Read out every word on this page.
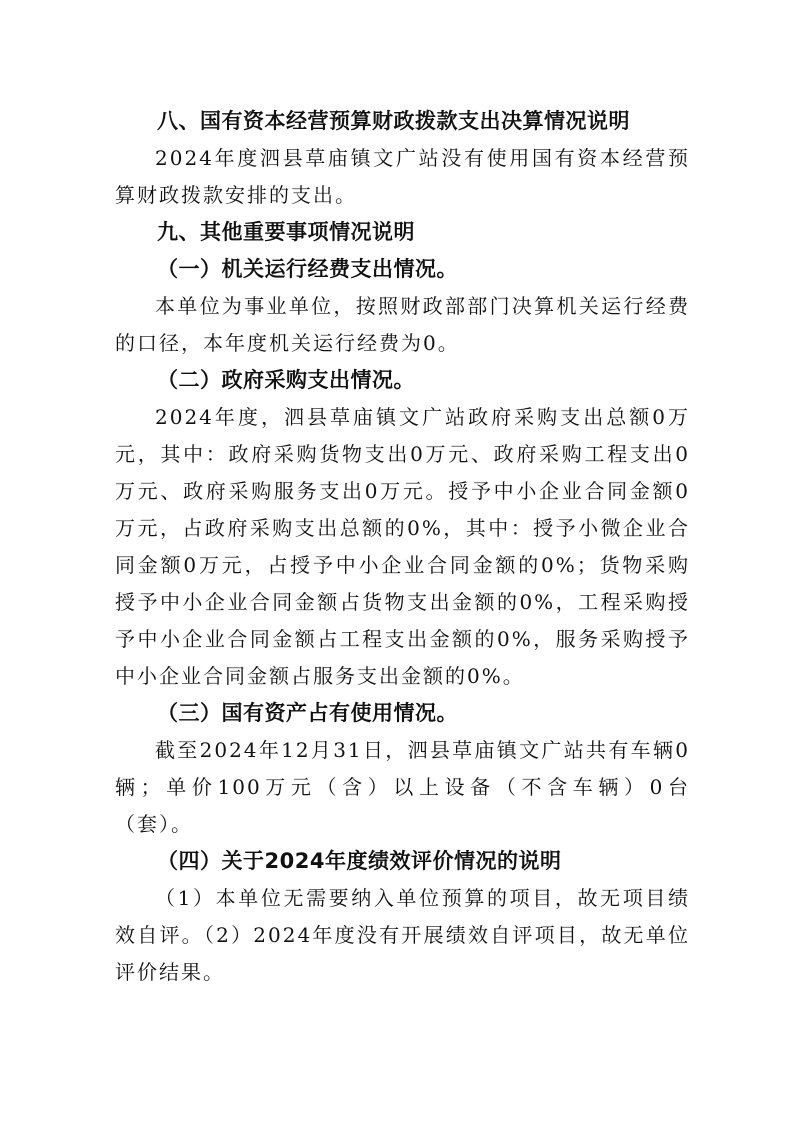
八、国有资本经营预算财政拨款支出决算情况说明

2024年度泗县草庙镇文广站没有使用国有资本经营预算财政拨款安排的支出。

九、其他重要事项情况说明
（一）机关运行经费支出情况。

本单位为事业单位，按照财政部部门决算机关运行经费的口径，本年度机关运行经费为0。

（二）政府采购支出情况。

2024年度，泗县草庙镇文广站政府采购支出总额0万元，其中：政府采购货物支出0万元、政府采购工程支出0万元、政府采购服务支出0万元。授予中小企业合同金额0万元，占政府采购支出总额的0%，其中：授予小微企业合同金额0万元，占授予中小企业合同金额的0%；货物采购授予中小企业合同金额占货物支出金额的0%，工程采购授予中小企业合同金额占工程支出金额的0%，服务采购授予中小企业合同金额占服务支出金额的0%。

（三）国有资产占有使用情况。

截至2024年12月31日，泗县草庙镇文广站共有车辆0辆；单价100万元（含）以上设备（不含车辆）0台（套）。

（四）关于2024年度绩效评价情况的说明

（1）本单位无需要纳入单位预算的项目，故无项目绩效自评。（2）2024年度没有开展绩效自评项目，故无单位评价结果。
